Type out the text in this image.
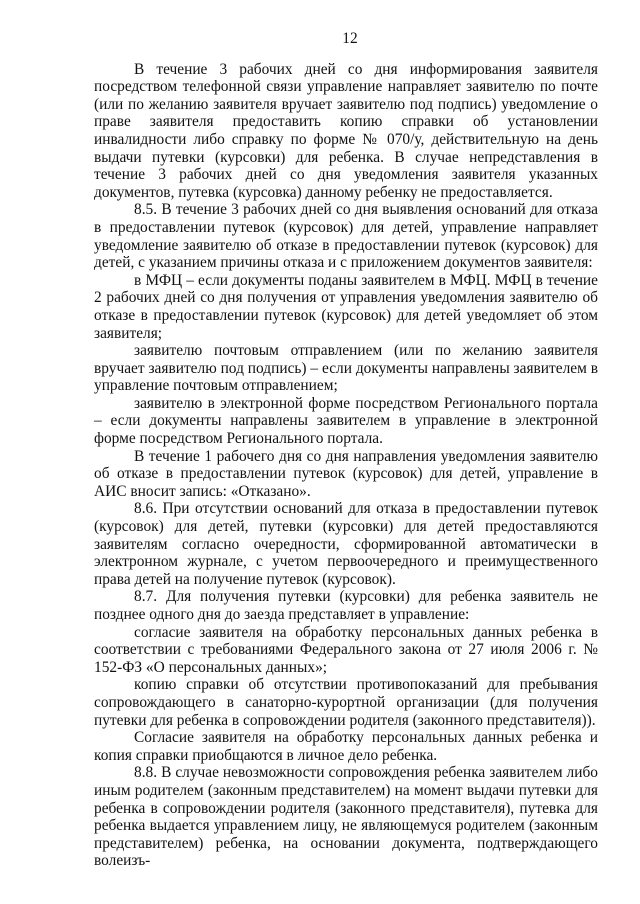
12

В течение 3 рабочих дней со дня информирования заявителя посредством телефонной связи управление направляет заявителю по почте (или по желанию заявителя вручает заявителю под подпись) уведомление о праве заявителя предоставить копию справки об установлении инвалидности либо справку по форме № 070/у, действительную на день выдачи путевки (курсовки) для ребенка. В случае непредставления в течение 3 рабочих дней со дня уведомления заявителя указанных документов, путевка (курсовка) данному ребенку не предоставляется.

8.5. В течение 3 рабочих дней со дня выявления оснований для отказа в предоставлении путевок (курсовок) для детей, управление направляет уведомление заявителю об отказе в предоставлении путевок (курсовок) для детей, с указанием причины отказа и с приложением документов заявителя:

в МФЦ – если документы поданы заявителем в МФЦ. МФЦ в течение 2 рабочих дней со дня получения от управления уведомления заявителю об отказе в предоставлении путевок (курсовок) для детей уведомляет об этом заявителя;

заявителю почтовым отправлением (или по желанию заявителя вручает заявителю под подпись) – если документы направлены заявителем в управление почтовым отправлением;

заявителю в электронной форме посредством Регионального портала – если документы направлены заявителем в управление в электронной форме посредством Регионального портала.

В течение 1 рабочего дня со дня направления уведомления заявителю об отказе в предоставлении путевок (курсовок) для детей, управление в АИС вносит запись: «Отказано».

8.6. При отсутствии оснований для отказа в предоставлении путевок (курсовок) для детей, путевки (курсовки) для детей предоставляются заявителям согласно очередности, сформированной автоматически в электронном журнале, с учетом первоочередного и преимущественного права детей на получение путевок (курсовок).

8.7. Для получения путевки (курсовки) для ребенка заявитель не позднее одного дня до заезда представляет в управление:

согласие заявителя на обработку персональных данных ребенка в соответствии с требованиями Федерального закона от 27 июля 2006 г. № 152-ФЗ «О персональных данных»;

копию справки об отсутствии противопоказаний для пребывания сопровождающего в санаторно-курортной организации (для получения путевки для ребенка в сопровождении родителя (законного представителя)).

Согласие заявителя на обработку персональных данных ребенка и копия справки приобщаются в личное дело ребенка.

8.8. В случае невозможности сопровождения ребенка заявителем либо иным родителем (законным представителем) на момент выдачи путевки для ребенка в сопровождении родителя (законного представителя), путевка для ребенка выдается управлением лицу, не являющемуся родителем (законным представителем) ребенка, на основании документа, подтверждающего волеизъ-
